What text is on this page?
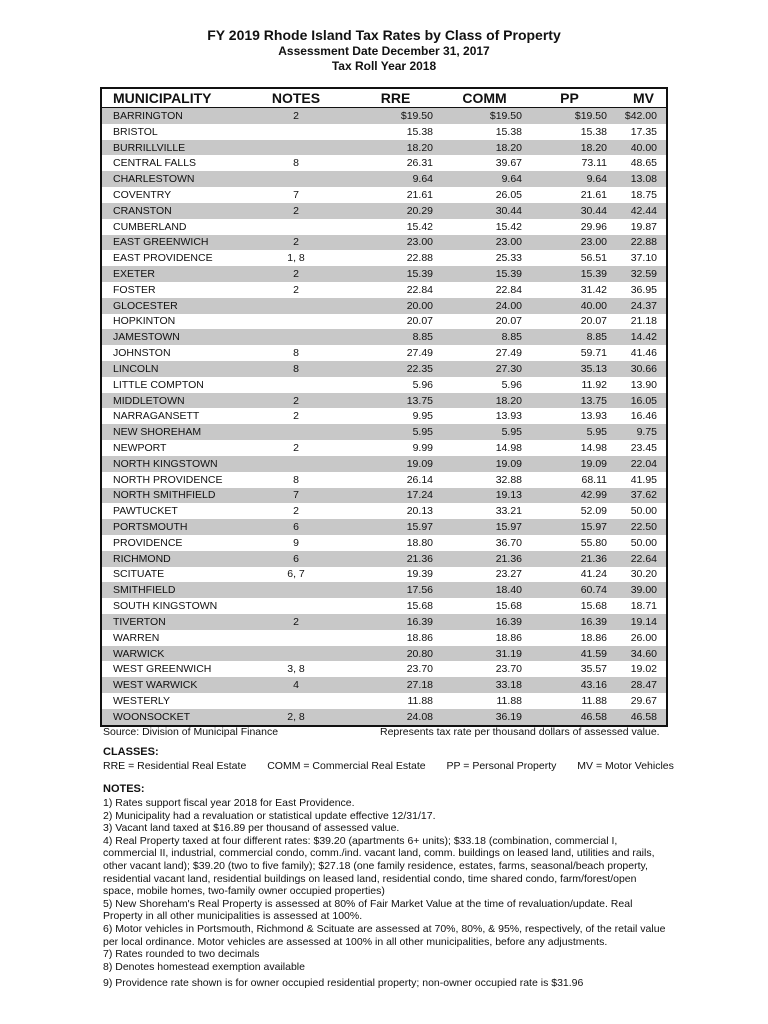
FY 2019 Rhode Island Tax Rates by Class of Property
Assessment Date December 31, 2017
Tax Roll Year 2018
MUNICIPALITY	NOTES	RRE	COMM	PP	MV
BARRINGTON	2	$19.50	$19.50	$19.50	$42.00
BRISTOL		15.38	15.38	15.38	17.35
BURRILLVILLE		18.20	18.20	18.20	40.00
CENTRAL FALLS	8	26.31	39.67	73.11	48.65
CHARLESTOWN		9.64	9.64	9.64	13.08
COVENTRY	7	21.61	26.05	21.61	18.75
CRANSTON	2	20.29	30.44	30.44	42.44
CUMBERLAND		15.42	15.42	29.96	19.87
EAST GREENWICH	2	23.00	23.00	23.00	22.88
EAST PROVIDENCE	1, 8	22.88	25.33	56.51	37.10
EXETER	2	15.39	15.39	15.39	32.59
FOSTER	2	22.84	22.84	31.42	36.95
GLOCESTER		20.00	24.00	40.00	24.37
HOPKINTON		20.07	20.07	20.07	21.18
JAMESTOWN		8.85	8.85	8.85	14.42
JOHNSTON	8	27.49	27.49	59.71	41.46
LINCOLN	8	22.35	27.30	35.13	30.66
LITTLE COMPTON		5.96	5.96	11.92	13.90
MIDDLETOWN	2	13.75	18.20	13.75	16.05
NARRAGANSETT	2	9.95	13.93	13.93	16.46
NEW SHOREHAM		5.95	5.95	5.95	9.75
NEWPORT	2	9.99	14.98	14.98	23.45
NORTH KINGSTOWN		19.09	19.09	19.09	22.04
NORTH PROVIDENCE	8	26.14	32.88	68.11	41.95
NORTH SMITHFIELD	7	17.24	19.13	42.99	37.62
PAWTUCKET	2	20.13	33.21	52.09	50.00
PORTSMOUTH	6	15.97	15.97	15.97	22.50
PROVIDENCE	9	18.80	36.70	55.80	50.00
RICHMOND	6	21.36	21.36	21.36	22.64
SCITUATE	6, 7	19.39	23.27	41.24	30.20
SMITHFIELD		17.56	18.40	60.74	39.00
SOUTH KINGSTOWN		15.68	15.68	15.68	18.71
TIVERTON	2	16.39	16.39	16.39	19.14
WARREN		18.86	18.86	18.86	26.00
WARWICK		20.80	31.19	41.59	34.60
WEST GREENWICH	3, 8	23.70	23.70	35.57	19.02
WEST WARWICK	4	27.18	33.18	43.16	28.47
WESTERLY		11.88	11.88	11.88	29.67
WOONSOCKET	2, 8	24.08	36.19	46.58	46.58
Source: Division of Municipal Finance	Represents tax rate per thousand dollars of assessed value.
CLASSES:
RRE = Residential Real Estate COMM = Commercial Real Estate PP = Personal Property MV = Motor Vehicles
NOTES:
1) Rates support fiscal year 2018 for East Providence.
2) Municipality had a revaluation or statistical update effective 12/31/17.
3) Vacant land taxed at $16.89 per thousand of assessed value.
4) Real Property taxed at four different rates: $39.20 (apartments 6+ units); $33.18 (combination, commercial I, commercial II, industrial, commercial condo, comm./ind. vacant land, comm. buildings on leased land, utilities and rails, other vacant land); $39.20 (two to five family); $27.18 (one family residence, estates, farms, seasonal/beach property, residential vacant land, residential buildings on leased land, residential condo, time shared condo, farm/forest/open space, mobile homes, two-family owner occupied properties)
5) New Shoreham's Real Property is assessed at 80% of Fair Market Value at the time of revaluation/update. Real Property in all other municipalities is assessed at 100%.
6) Motor vehicles in Portsmouth, Richmond & Scituate are assessed at 70%, 80%, & 95%, respectively, of the retail value per local ordinance. Motor vehicles are assessed at 100% in all other municipalities, before any adjustments.
7) Rates rounded to two decimals
8) Denotes homestead exemption available
9) Providence rate shown is for owner occupied residential property; non-owner occupied rate is $31.96
